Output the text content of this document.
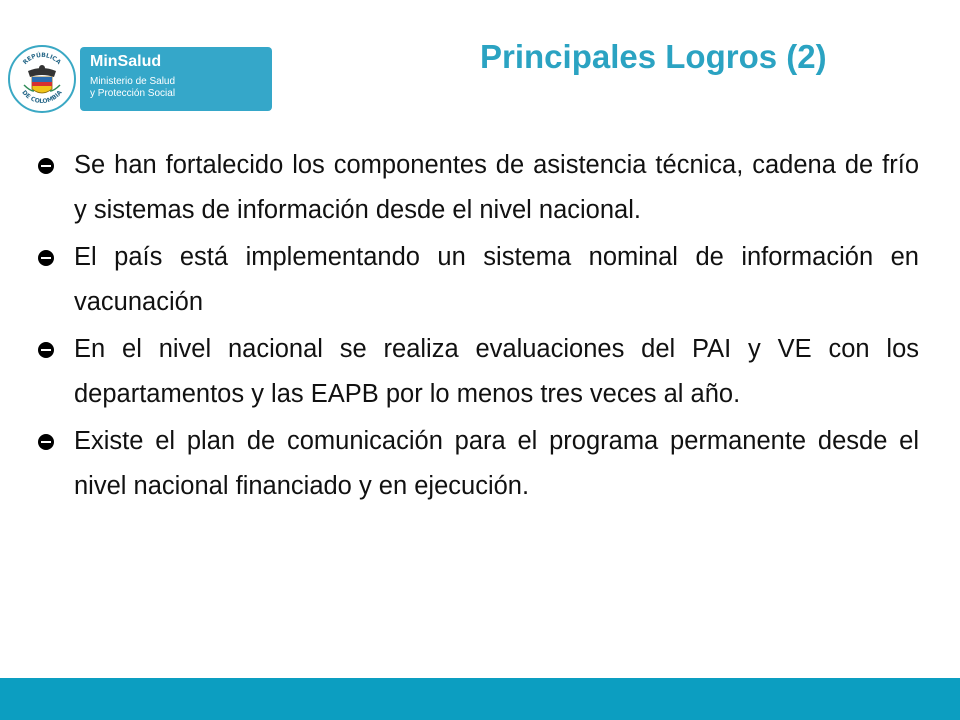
REPÚBLICA
DE COLOMBIA
MinSalud
Ministerio de Salud
y Protección Social
Principales Logros (2)
Se han fortalecido los componentes de asistencia técnica, cadena de frío y sistemas de información desde el nivel nacional.
El país está implementando un sistema nominal de información en vacunación
En el nivel nacional se realiza evaluaciones del PAI y VE con los departamentos y las EAPB por lo menos tres veces al año.
Existe el plan de comunicación para el programa permanente desde el nivel nacional financiado y en ejecución.
